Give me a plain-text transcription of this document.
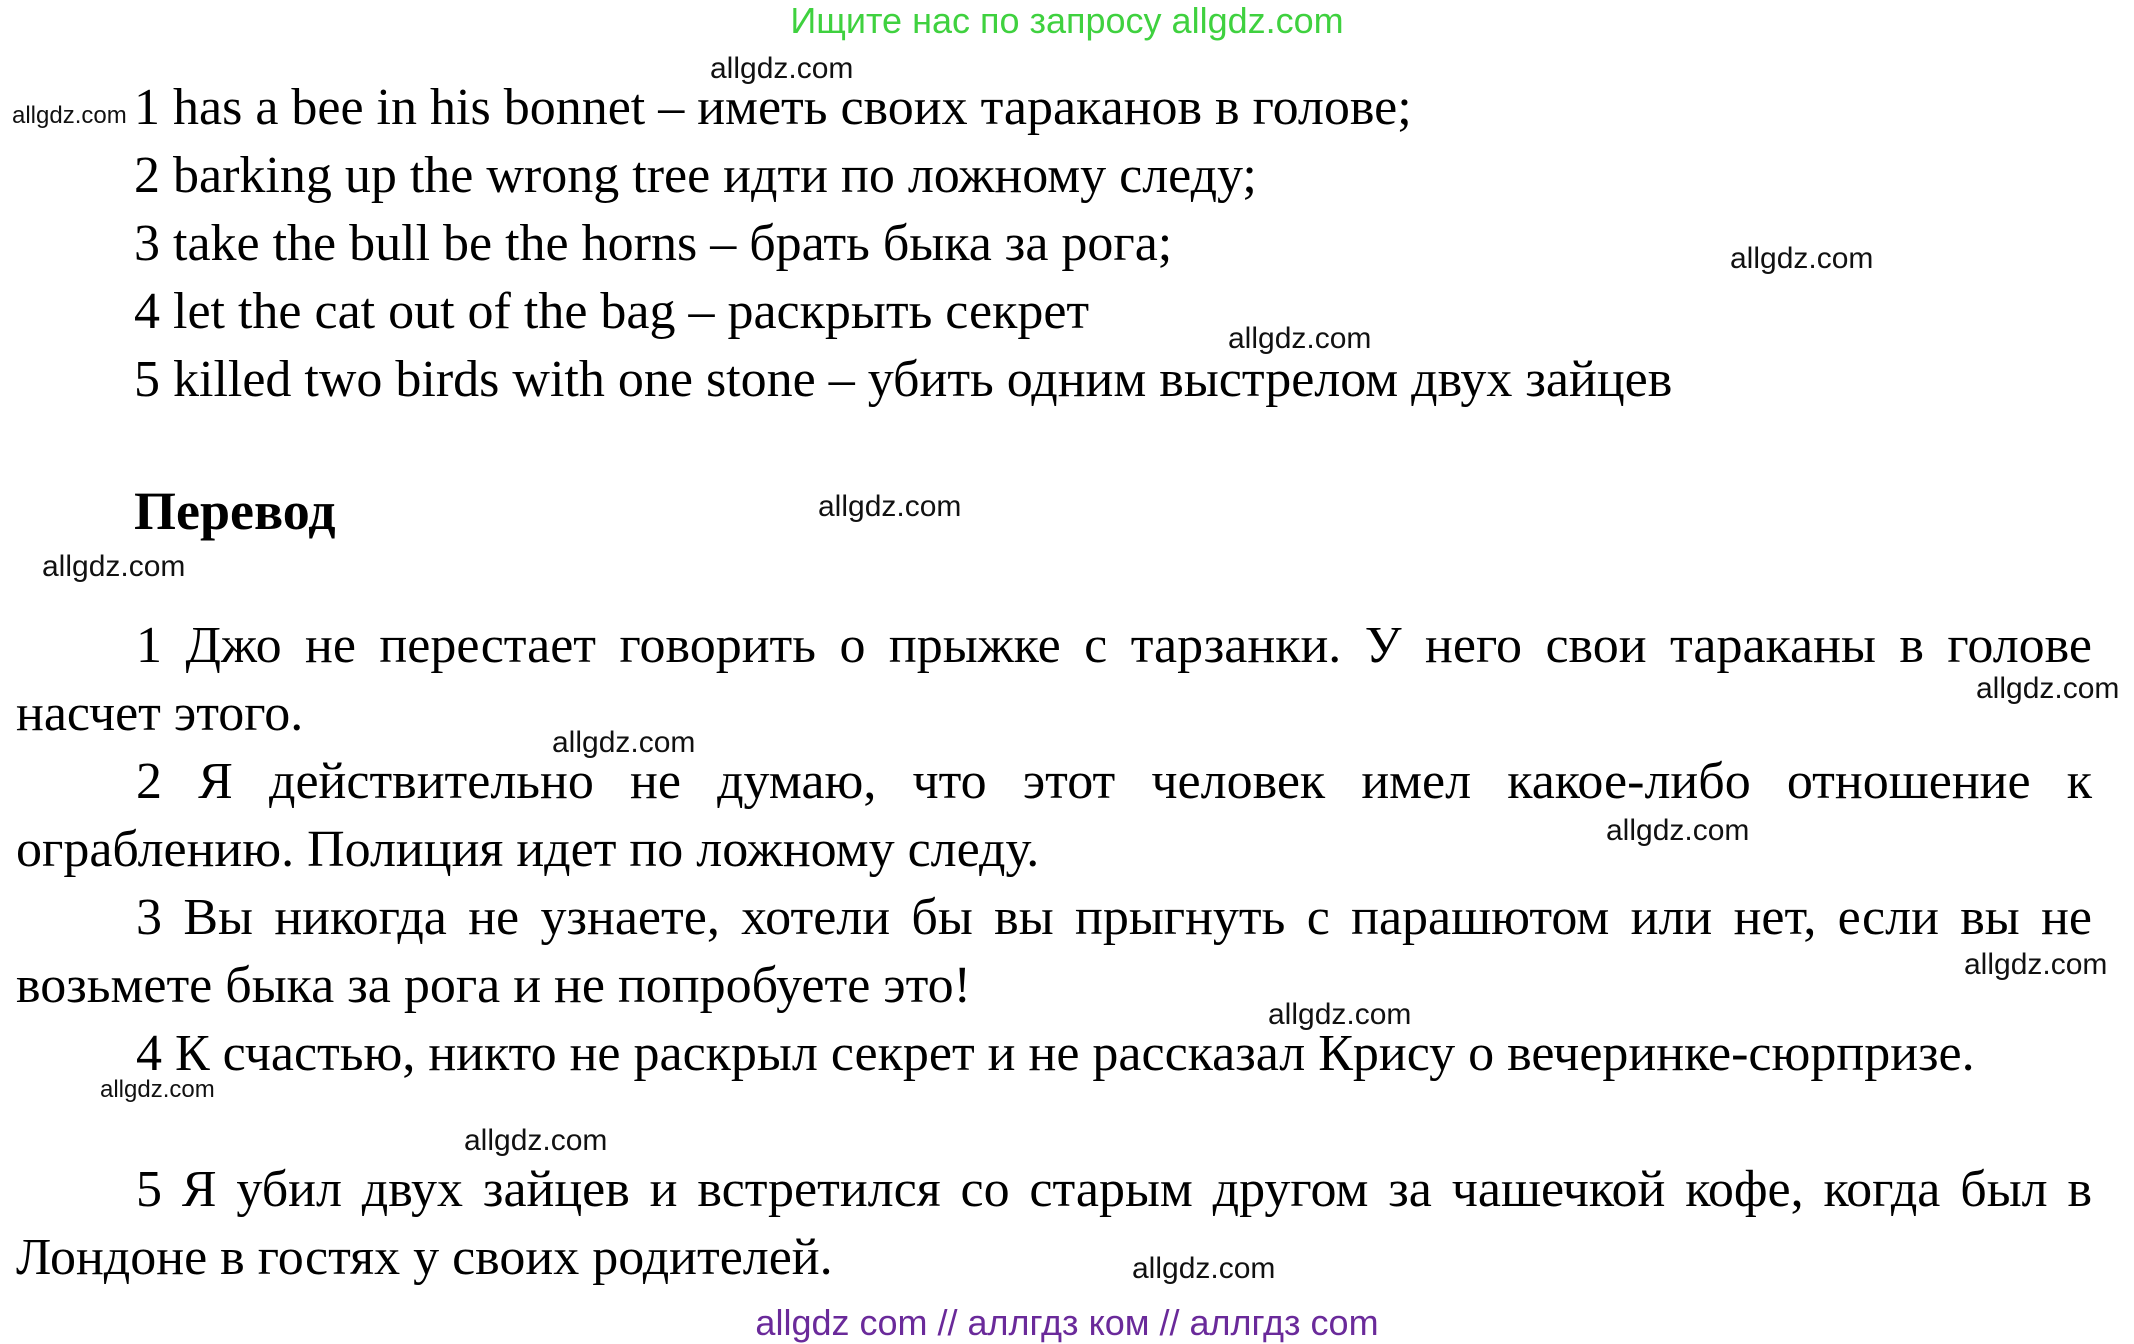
Ищите нас по запросу allgdz.com
1 has a bee in his bonnet – иметь своих тараканов в голове;
2 barking up the wrong tree идти по ложному следу;
3 take the bull be the horns – брать быка за рога;
4 let the cat out of the bag – раскрыть секрет
5 killed two birds with one stone – убить одним выстрелом двух зайцев
Перевод
1 Джо не перестает говорить о прыжке с тарзанки. У него свои тараканы в голове насчет этого.
2 Я действительно не думаю, что этот человек имел какое-либо отношение к ограблению. Полиция идет по ложному следу.
3 Вы никогда не узнаете, хотели бы вы прыгнуть с парашютом или нет, если вы не возьмете быка за рога и не попробуете это!
4 К счастью, никто не раскрыл секрет и не рассказал Крису о вечеринке-сюрпризе.
5 Я убил двух зайцев и встретился со старым другом за чашечкой кофе, когда был в Лондоне в гостях у своих родителей.
allgdz.com
allgdz.com
allgdz.com
allgdz.com
allgdz.com
allgdz.com
allgdz.com
allgdz.com
allgdz.com
allgdz.com
allgdz.com
allgdz.com
allgdz.com
allgdz.com
allgdz com // аллгдз ком // аллгдз com
